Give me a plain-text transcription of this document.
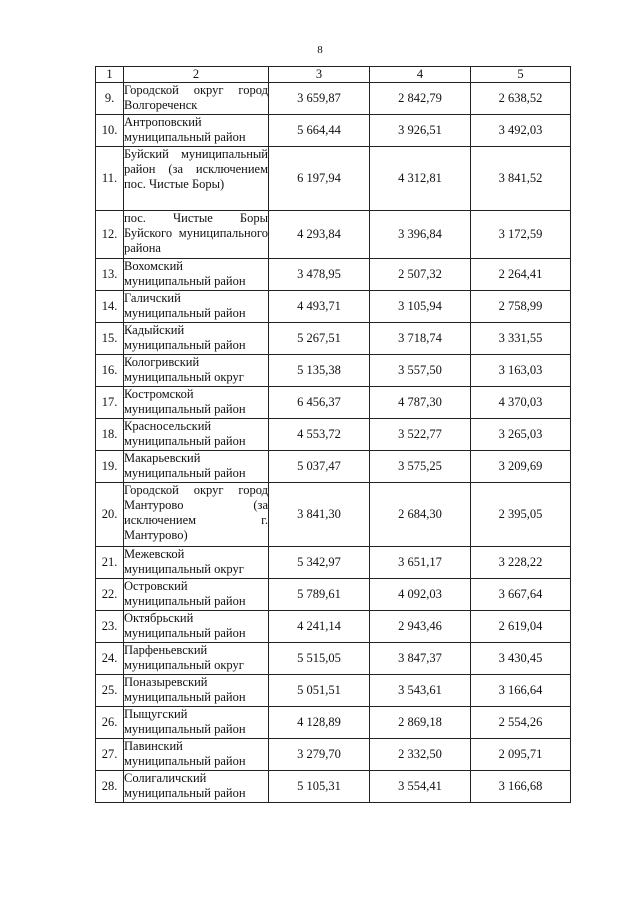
8
1	2	3	4	5
9.	Городской округ город Волгореченск	3 659,87	2 842,79	2 638,52
10.	Антроповский муниципальный район	5 664,44	3 926,51	3 492,03
11.	Буйский муниципальный район (за исключением пос. Чистые Боры)	6 197,94	4 312,81	3 841,52
12.	пос. Чистые Боры Буйского муниципального района	4 293,84	3 396,84	3 172,59
13.	Вохомский муниципальный район	3 478,95	2 507,32	2 264,41
14.	Галичский муниципальный район	4 493,71	3 105,94	2 758,99
15.	Кадыйский муниципальный район	5 267,51	3 718,74	3 331,55
16.	Кологривский муниципальный округ	5 135,38	3 557,50	3 163,03
17.	Костромской муниципальный район	6 456,37	4 787,30	4 370,03
18.	Красносельский муниципальный район	4 553,72	3 522,77	3 265,03
19.	Макарьевский муниципальный район	5 037,47	3 575,25	3 209,69
20.	Городской округ город Мантурово (за исключением г. Мантурово)	3 841,30	2 684,30	2 395,05
21.	Межевской муниципальный округ	5 342,97	3 651,17	3 228,22
22.	Островский муниципальный район	5 789,61	4 092,03	3 667,64
23.	Октябрьский муниципальный район	4 241,14	2 943,46	2 619,04
24.	Парфеньевский муниципальный округ	5 515,05	3 847,37	3 430,45
25.	Поназыревский муниципальный район	5 051,51	3 543,61	3 166,64
26.	Пыщугский муниципальный район	4 128,89	2 869,18	2 554,26
27.	Павинский муниципальный район	3 279,70	2 332,50	2 095,71
28.	Солигаличский муниципальный район	5 105,31	3 554,41	3 166,68
